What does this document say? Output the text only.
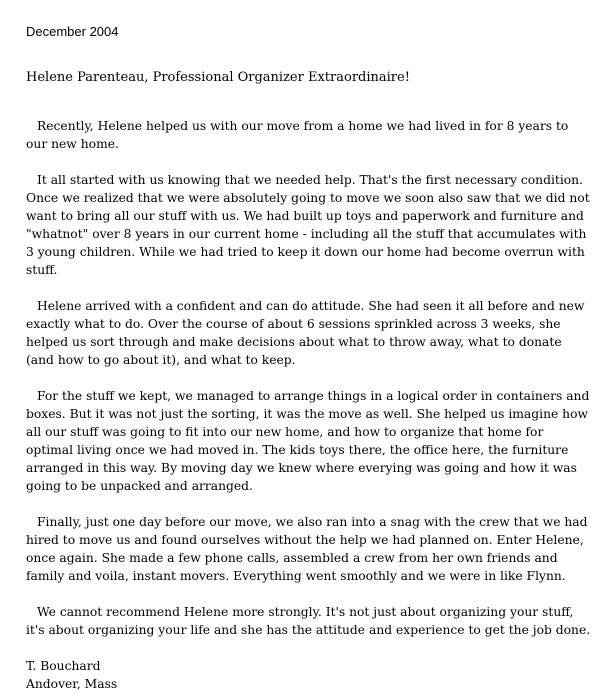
December 2004
Helene Parenteau, Professional Organizer Extraordinaire!

Recently, Helene helped us with our move from a home we had lived in for 8 years to our new home.

It all started with us knowing that we needed help. That's the first necessary condition. Once we realized that we were absolutely going to move we soon also saw that we did not want to bring all our stuff with us. We had built up toys and paperwork and furniture and "whatnot" over 8 years in our current home - including all the stuff that accumulates with 3 young children. While we had tried to keep it down our home had become overrun with stuff.

Helene arrived with a confident and can do attitude. She had seen it all before and new exactly what to do. Over the course of about 6 sessions sprinkled across 3 weeks, she helped us sort through and make decisions about what to throw away, what to donate (and how to go about it), and what to keep.

For the stuff we kept, we managed to arrange things in a logical order in containers and boxes. But it was not just the sorting, it was the move as well. She helped us imagine how all our stuff was going to fit into our new home, and how to organize that home for optimal living once we had moved in. The kids toys there, the office here, the furniture arranged in this way. By moving day we knew where everying was going and how it was going to be unpacked and arranged.

Finally, just one day before our move, we also ran into a snag with the crew that we had hired to move us and found ourselves without the help we had planned on. Enter Helene, once again. She made a few phone calls, assembled a crew from her own friends and family and voila, instant movers. Everything went smoothly and we were in like Flynn.

We cannot recommend Helene more strongly. It's not just about organizing your stuff, it's about organizing your life and she has the attitude and experience to get the job done.

T. Bouchard
Andover, Mass
